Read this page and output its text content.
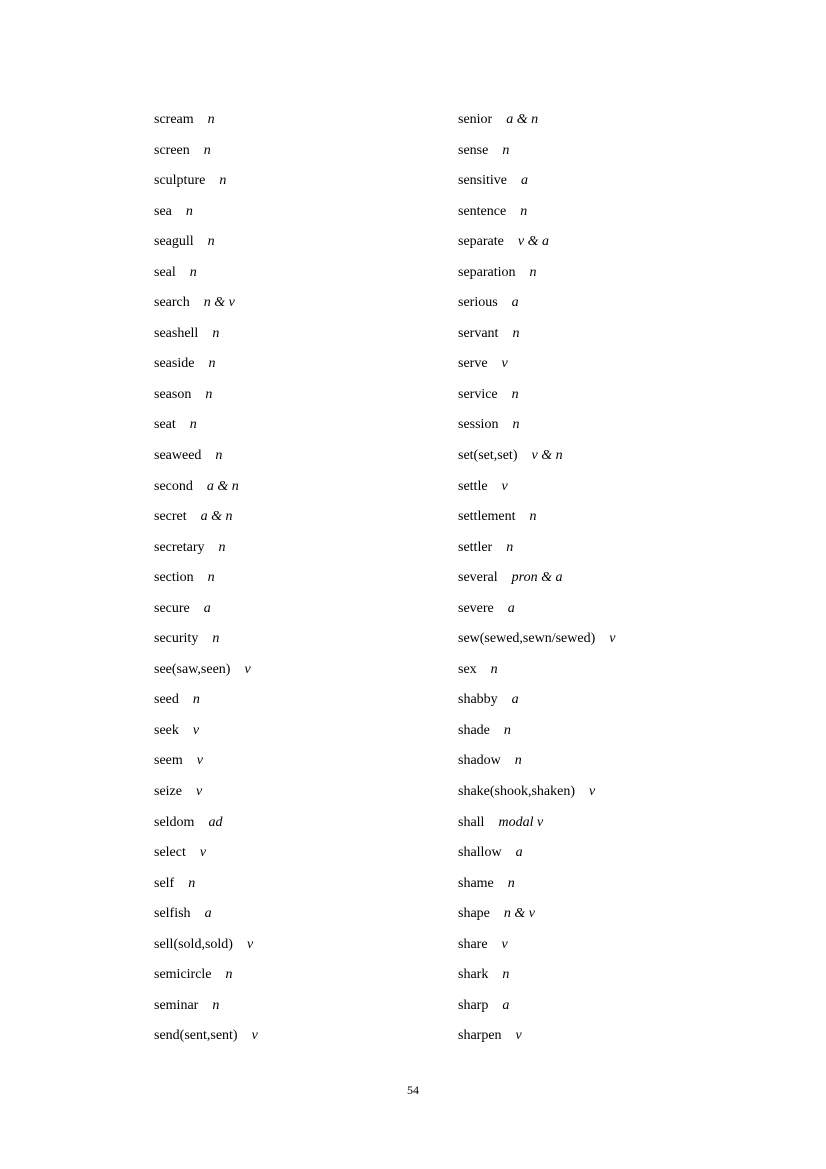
scream n
screen n
sculpture n
sea n
seagull n
seal n
search n & v
seashell n
seaside n
season n
seat n
seaweed n
second a & n
secret a & n
secretary n
section n
secure a
security n
see(saw,seen) v
seed n
seek v
seem v
seize v
seldom ad
select v
self n
selfish a
sell(sold,sold) v
semicircle n
seminar n
send(sent,sent) v
senior a & n
sense n
sensitive a
sentence n
separate v & a
separation n
serious a
servant n
serve v
service n
session n
set(set,set) v & n
settle v
settlement n
settler n
several pron & a
severe a
sew(sewed,sewn/sewed) v
sex n
shabby a
shade n
shadow n
shake(shook,shaken) v
shall modal v
shallow a
shame n
shape n & v
share v
shark n
sharp a
sharpen v
54
